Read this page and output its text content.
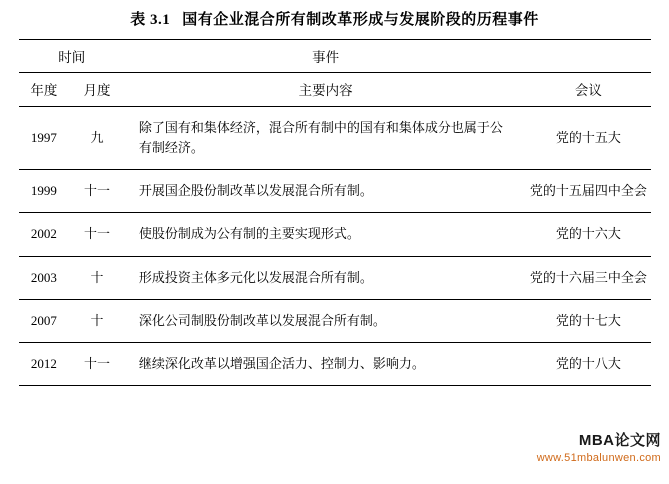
表 3.1 国有企业混合所有制改革形成与发展阶段的历程事件
时间		事件	
年度	月度	主要内容	会议
1997	九	除了国有和集体经济，混合所有制中的国有和集体成分也属于公有制经济。	党的十五大
1999	十一	开展国企股份制改革以发展混合所有制。	党的十五届四中全会
2002	十一	使股份制成为公有制的主要实现形式。	党的十六大
2003	十	形成投资主体多元化以发展混合所有制。	党的十六届三中全会
2007	十	深化公司制股份制改革以发展混合所有制。	党的十七大
2012	十一	继续深化改革以增强国企活力、控制力、影响力。	党的十八大
MBA论文网
www.51mbalunwen.com
